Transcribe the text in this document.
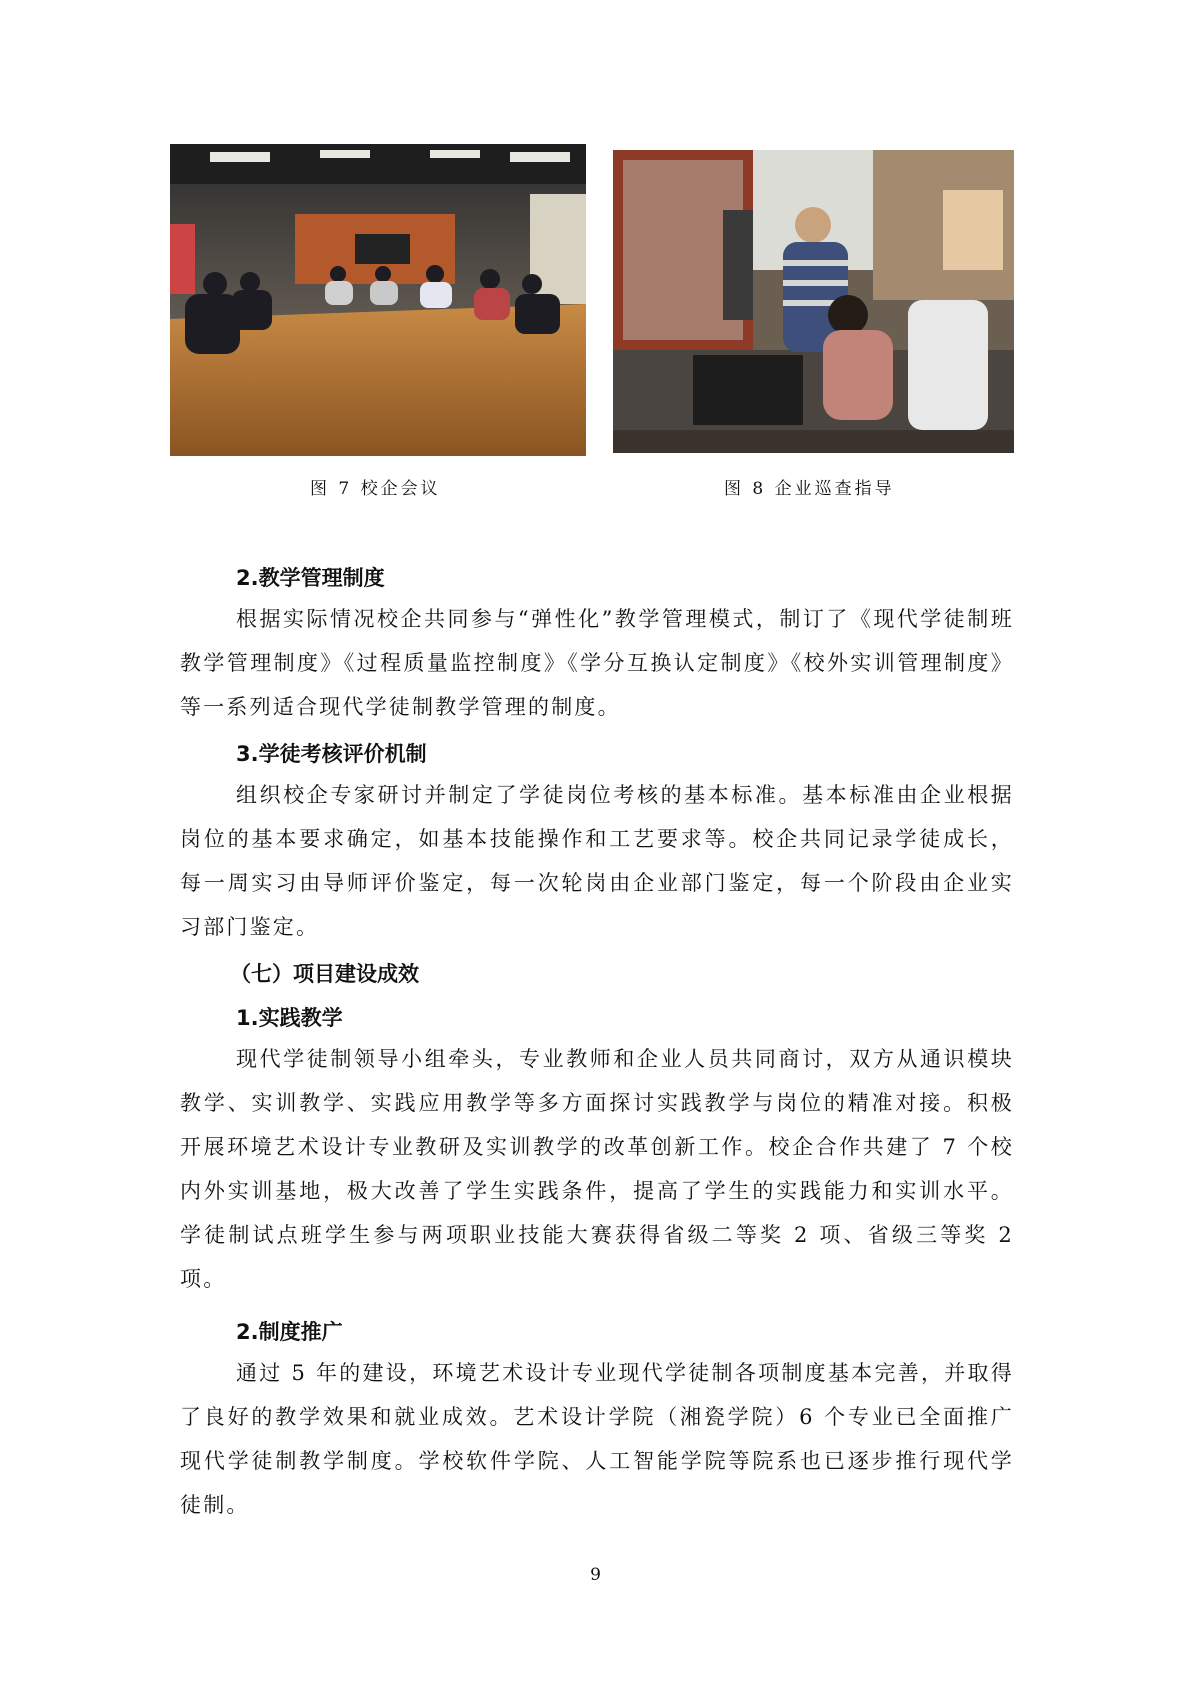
图 7 校企会议	图 8 企业巡查指导
2.教学管理制度
根据实际情况校企共同参与“弹性化”教学管理模式，制订了《现代学徒制班教学管理制度》《过程质量监控制度》《学分互换认定制度》《校外实训管理制度》等一系列适合现代学徒制教学管理的制度。
3.学徒考核评价机制
组织校企专家研讨并制定了学徒岗位考核的基本标准。基本标准由企业根据岗位的基本要求确定，如基本技能操作和工艺要求等。校企共同记录学徒成长，每一周实习由导师评价鉴定，每一次轮岗由企业部门鉴定，每一个阶段由企业实习部门鉴定。
（七）项目建设成效
1.实践教学
现代学徒制领导小组牵头，专业教师和企业人员共同商讨，双方从通识模块教学、实训教学、实践应用教学等多方面探讨实践教学与岗位的精准对接。积极开展环境艺术设计专业教研及实训教学的改革创新工作。校企合作共建了 7 个校内外实训基地，极大改善了学生实践条件，提高了学生的实践能力和实训水平。学徒制试点班学生参与两项职业技能大赛获得省级二等奖 2 项、省级三等奖 2 项。
2.制度推广
通过 5 年的建设，环境艺术设计专业现代学徒制各项制度基本完善，并取得了良好的教学效果和就业成效。艺术设计学院（湘瓷学院）6 个专业已全面推广现代学徒制教学制度。学校软件学院、人工智能学院等院系也已逐步推行现代学徒制。
9
